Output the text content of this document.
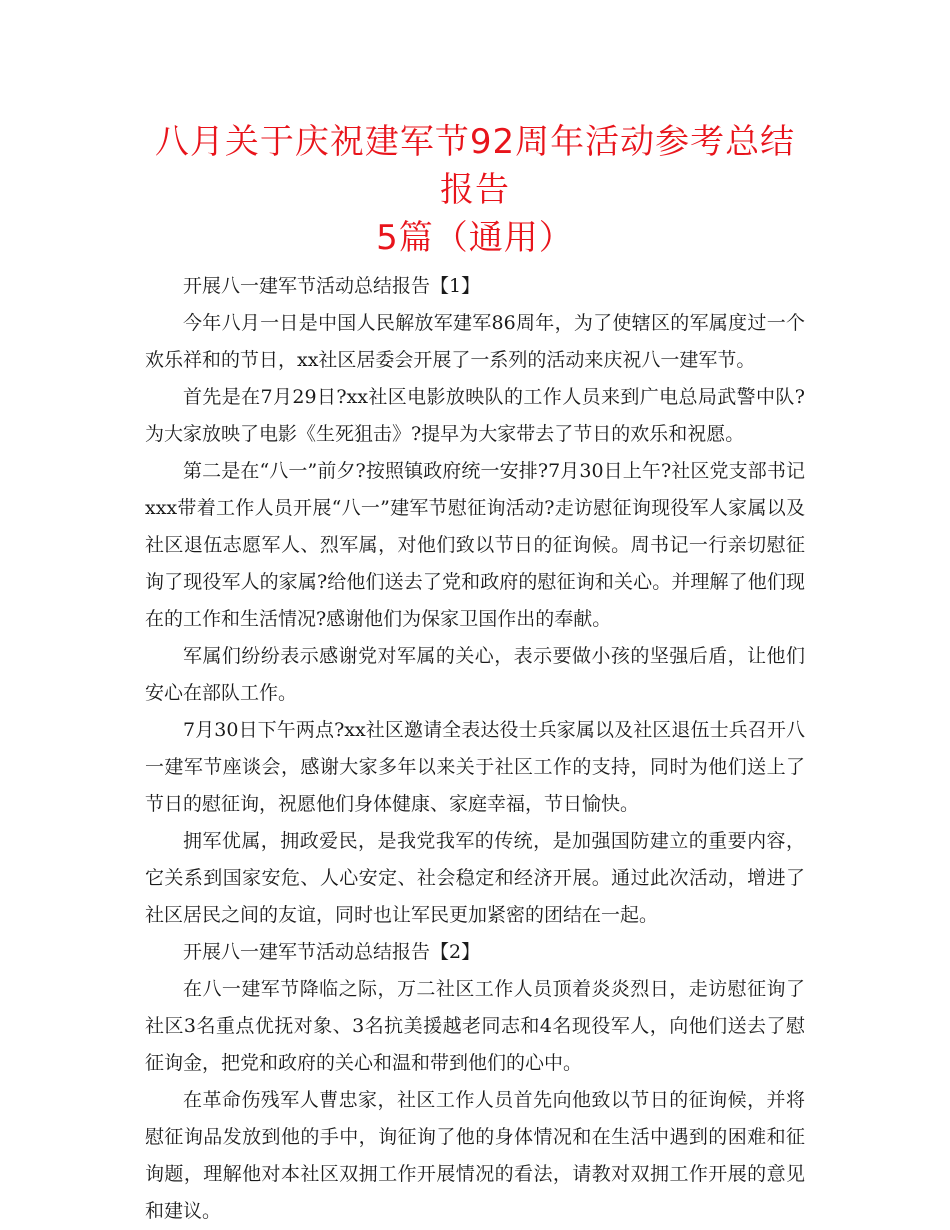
八月关于庆祝建军节92周年活动参考总结报告
5篇（通用）

开展八一建军节活动总结报告【1】

今年八月一日是中国人民解放军建军86周年，为了使辖区的军属度过一个欢乐祥和的节日，xx社区居委会开展了一系列的活动来庆祝八一建军节。

首先是在7月29日?xx社区电影放映队的工作人员来到广电总局武警中队?为大家放映了电影《生死狙击》?提早为大家带去了节日的欢乐和祝愿。

第二是在“八一”前夕?按照镇政府统一安排?7月30日上午?社区党支部书记xxx带着工作人员开展“八一”建军节慰征询活动?走访慰征询现役军人家属以及社区退伍志愿军人、烈军属，对他们致以节日的征询候。周书记一行亲切慰征询了现役军人的家属?给他们送去了党和政府的慰征询和关心。并理解了他们现在的工作和生活情况?感谢他们为保家卫国作出的奉献。

军属们纷纷表示感谢党对军属的关心，表示要做小孩的坚强后盾，让他们安心在部队工作。

7月30日下午两点?xx社区邀请全表达役士兵家属以及社区退伍士兵召开八一建军节座谈会，感谢大家多年以来关于社区工作的支持，同时为他们送上了节日的慰征询，祝愿他们身体健康、家庭幸福，节日愉快。

拥军优属，拥政爱民，是我党我军的传统，是加强国防建立的重要内容，它关系到国家安危、人心安定、社会稳定和经济开展。通过此次活动，增进了社区居民之间的友谊，同时也让军民更加紧密的团结在一起。

开展八一建军节活动总结报告【2】

在八一建军节降临之际，万二社区工作人员顶着炎炎烈日，走访慰征询了社区3名重点优抚对象、3名抗美援越老同志和4名现役军人，向他们送去了慰征询金，把党和政府的关心和温和带到他们的心中。

在革命伤残军人曹忠家，社区工作人员首先向他致以节日的征询候，并将慰征询品发放到他的手中，询征询了他的身体情况和在生活中遇到的困难和征询题，理解他对本社区双拥工作开展情况的看法，请教对双拥工作开展的意见和建议。
